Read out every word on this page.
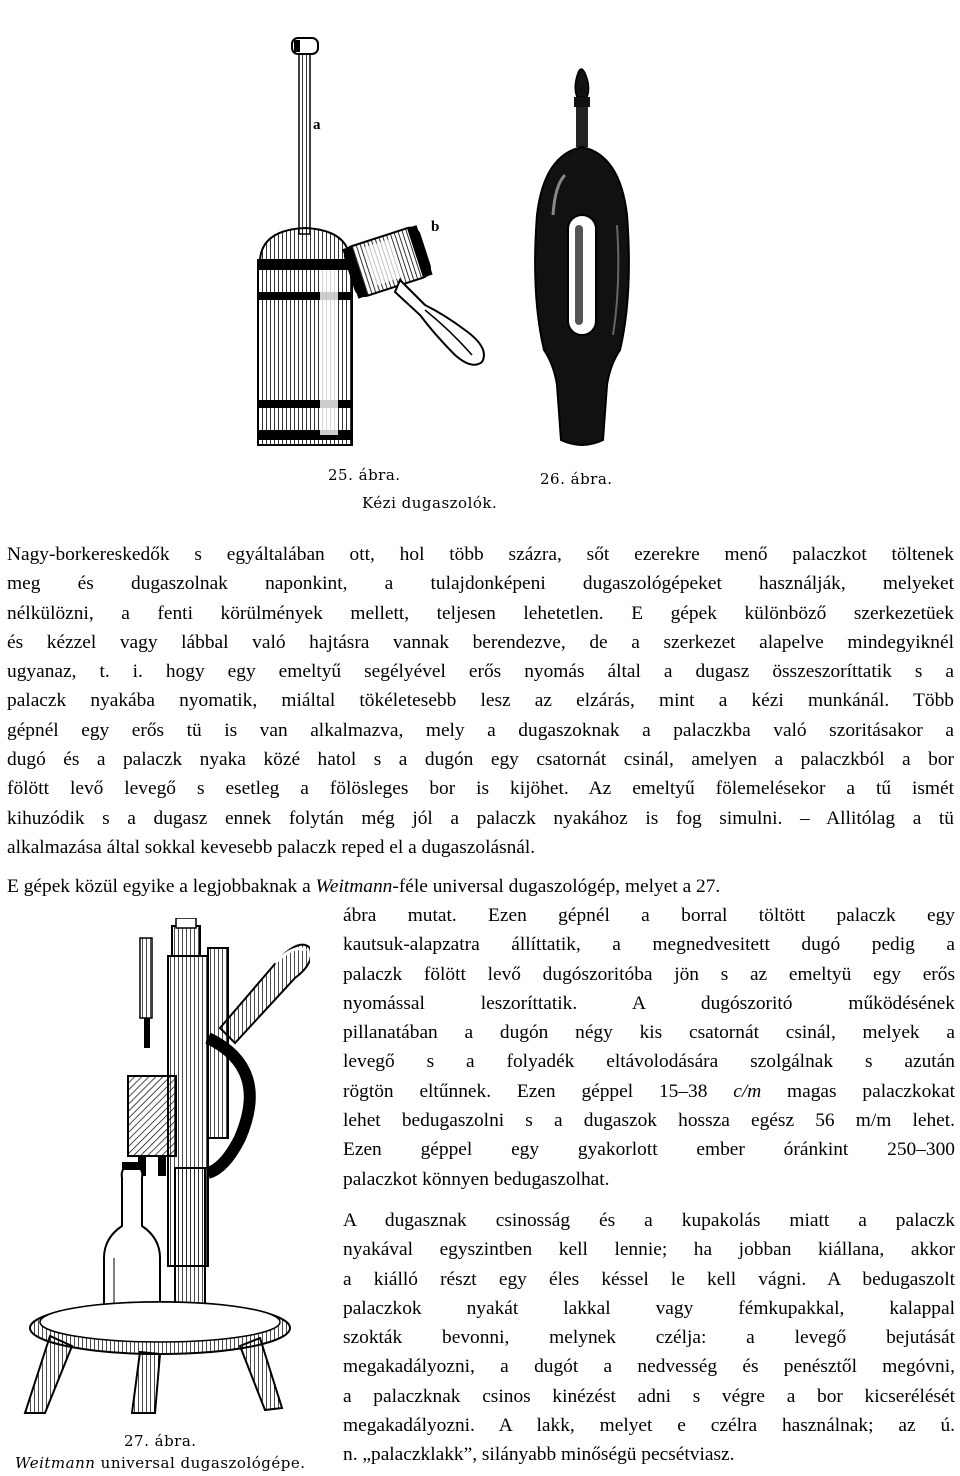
a
b
25. ábra.	26. ábra.
Kézi dugaszolók.
Nagy-borkereskedők s egyáltalában ott, hol több százra, sőt ezerekre menő palaczkot töltenek
meg és dugaszolnak naponkint, a tulajdonképeni dugaszológépeket használják, melyeket
nélkülözni, a fenti körülmények mellett, teljesen lehetetlen. E gépek különböző szerkezetüek
és kézzel vagy lábbal való hajtásra vannak berendezve, de a szerkezet alapelve mindegyiknél
ugyanaz, t. i. hogy egy emeltyű segélyével erős nyomás által a dugasz összeszoríttatik s a
palaczk nyakába nyomatik, miáltal tökéletesebb lesz az elzárás, mint a kézi munkánál. Több
gépnél egy erős tü is van alkalmazva, mely a dugaszoknak a palaczkba való szoritásakor a
dugó és a palaczk nyaka közé hatol s a dugón egy csatornát csinál, amelyen a palaczkból a bor
fölött levő levegő s esetleg a fölösleges bor is kijöhet. Az emeltyű fölemelésekor a tű ismét
kihuzódik s a dugasz ennek folytán még jól a palaczk nyakához is fog simulni. – Allitólag a tü
alkalmazása által sokkal kevesebb palaczk reped el a dugaszolásnál.
E gépek közül egyike a legjobbaknak a Weitmann-féle universal dugaszológép, melyet a 27.
ábra mutat. Ezen gépnél a borral töltött palaczk egy
kautsuk-alapzatra állíttatik, a megnedvesitett dugó pedig a
palaczk fölött levő dugószoritóba jön s az emeltyü egy erős
nyomással leszoríttatik. A dugószoritó működésének
pillanatában a dugón négy kis csatornát csinál, melyek a
levegő s a folyadék eltávolodására szolgálnak s azután
rögtön eltűnnek. Ezen géppel 15–38 c/m magas palaczkokat
lehet bedugaszolni s a dugaszok hossza egész 56 m/m lehet.
Ezen géppel egy gyakorlott ember óránkint 250–300
palaczkot könnyen bedugaszolhat.
A dugasznak csinosság és a kupakolás miatt a palaczk
nyakával egyszintben kell lennie; ha jobban kiállana, akkor
a kiálló részt egy éles késsel le kell vágni. A bedugaszolt
palaczkok nyakát lakkal vagy fémkupakkal, kalappal
szokták bevonni, melynek czélja: a levegő bejutását
megakadályozni, a dugót a nedvesség és penésztől megóvni,
a palaczknak csinos kinézést adni s végre a bor kicserélését
megakadályozni. A lakk, melyet e czélra használnak; az ú.
n. „palaczklakk”, silányabb minőségü pecsétviasz.
27. ábra.
Weitmann universal dugaszológépe.
